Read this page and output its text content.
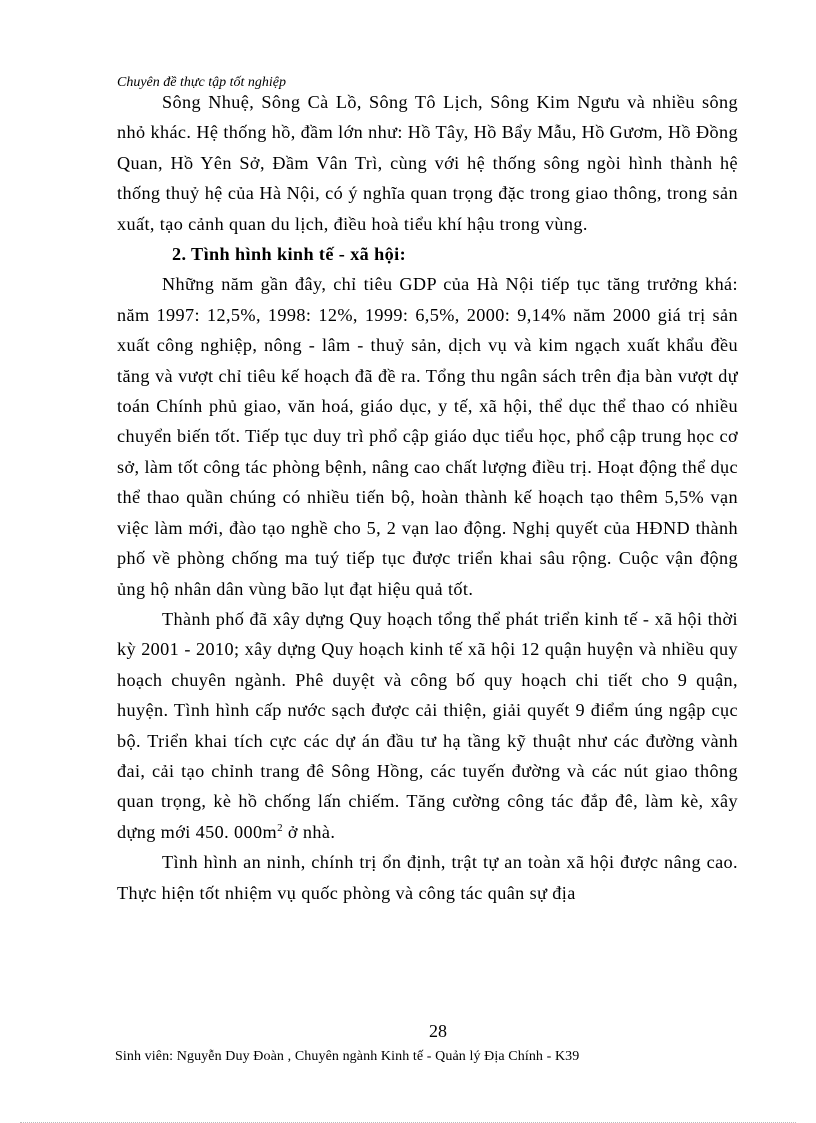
Chuyên đề thực tập tốt nghiệp

Sông Nhuệ, Sông Cà Lồ, Sông Tô Lịch, Sông Kim Ngưu và nhiều sông nhỏ khác. Hệ thống hồ, đầm lớn như: Hồ Tây, Hồ Bẩy Mẫu, Hồ Gươm, Hồ Đồng Quan, Hồ Yên Sở, Đầm Vân Trì, cùng với hệ thống sông ngòi hình thành hệ thống thuỷ hệ của Hà Nội, có ý nghĩa quan trọng đặc trong giao thông, trong sản xuất, tạo cảnh quan du lịch, điều hoà tiểu khí hậu trong vùng.

2. Tình hình kinh tế - xã hội:

Những năm gần đây, chỉ tiêu GDP của Hà Nội tiếp tục tăng trưởng khá: năm 1997: 12,5%, 1998: 12%, 1999: 6,5%, 2000: 9,14% năm 2000 giá trị sản xuất công nghiệp, nông - lâm - thuỷ sản, dịch vụ và kim ngạch xuất khẩu đều tăng và vượt chỉ tiêu kế hoạch đã đề ra. Tổng thu ngân sách trên địa bàn vượt dự toán Chính phủ giao, văn hoá, giáo dục, y tế, xã hội, thể dục thể thao có nhiều chuyển biến tốt. Tiếp tục duy trì phổ cập giáo dục tiểu học, phổ cập trung học cơ sở, làm tốt công tác phòng bệnh, nâng cao chất lượng điều trị. Hoạt động thể dục thể thao quần chúng có nhiều tiến bộ, hoàn thành kế hoạch tạo thêm 5,5% vạn việc làm mới, đào tạo nghề cho 5, 2 vạn lao động. Nghị quyết của HĐND thành phố về phòng chống ma tuý tiếp tục được triển khai sâu rộng. Cuộc vận động ủng hộ nhân dân vùng bão lụt đạt hiệu quả tốt.

Thành phố đã xây dựng Quy hoạch tổng thể phát triển kinh tế - xã hội thời kỳ 2001 - 2010; xây dựng Quy hoạch kinh tế xã hội 12 quận huyện và nhiều quy hoạch chuyên ngành. Phê duyệt và công bố quy hoạch chi tiết cho 9 quận, huyện. Tình hình cấp nước sạch được cải thiện, giải quyết 9 điểm úng ngập cục bộ. Triển khai tích cực các dự án đầu tư hạ tầng kỹ thuật như các đường vành đai, cải tạo chỉnh trang đê Sông Hồng, các tuyến đường và các nút giao thông quan trọng, kè hồ chống lấn chiếm. Tăng cường công tác đắp đê, làm kè, xây dựng mới 450. $000m^2$ ở nhà.

Tình hình an ninh, chính trị ổn định, trật tự an toàn xã hội được nâng cao. Thực hiện tốt nhiệm vụ quốc phòng và công tác quân sự địa

28
Sinh viên: Nguyễn Duy Đoàn , Chuyên ngành Kinh tế - Quản lý Địa Chính - K39
